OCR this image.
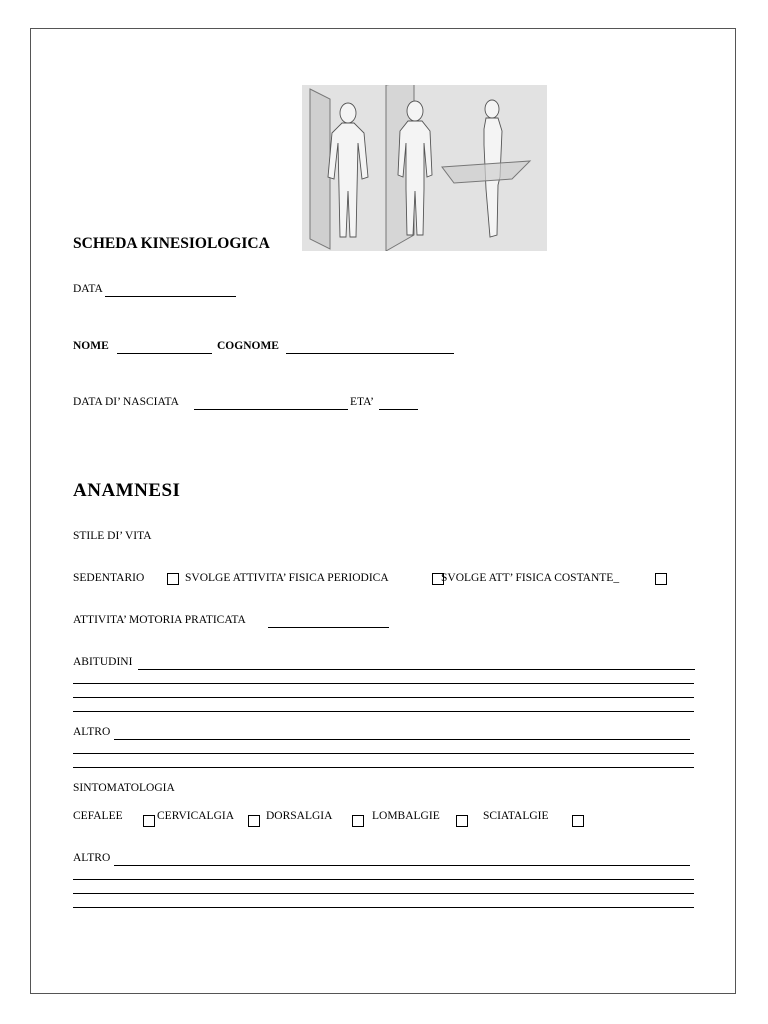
SCHEDA KINESIOLOGICA
DATA
NOME	COGNOME
DATA DI’ NASCIATA	ETA’
ANAMNESI
STILE DI’ VITA
SEDENTARIO	SVOLGE ATTIVITA’ FISICA PERIODICA	SVOLGE ATT’ FISICA COSTANTE_
ATTIVITA’ MOTORIA PRATICATA
ABITUDINI
ALTRO
SINTOMATOLOGIA
CEFALEE	CERVICALGIA	DORSALGIA	LOMBALGIE	SCIATALGIE
ALTRO
